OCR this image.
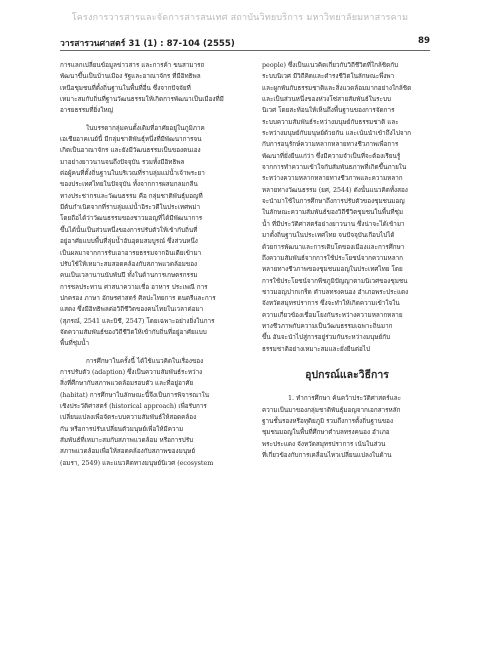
โครงการวารสารและจัดการสารสนเทศ สถาบันวิทยบริการ มหาวิทยาลัยมหาสารคาม
วารสารวนศาสตร์ 31 (1) : 87-104 (2555)	89

การแลกเปลี่ยนข้อมูลข่าวสาร และการค้า ขนสามารถ

พัฒนาขึ้นเป็นบ้านเมือง รัฐและอาณาจักร ที่มีอิทธิพล

เหนือชุมชนที่ตั้งถิ่นฐานในพื้นที่อื่น ซึ่งจากปัจจัยที่

เหมาะสมกับถิ่นที่ฐานวัฒนธรรมให้เกิดการพัฒนาเป็นเมืองที่มี

อารยธรรมที่ยิ่งใหญ่

ในบรรดากลุ่มคนตั้งเดิมที่อาศัยอยู่ในภูมิภาค

เอเชียอาคเนย์นี้ มีกลุ่มชาติพันธุ์หนึ่งที่มีพัฒนาการจน

เกิดเป็นอาณาจักร และยังมีวัฒนธรรมเป็นของตนเอง

มาอย่างยาวนานจนถึงปัจจุบัน รวมทั้งมีอิทธิพล

ต่อผู้คนที่ตั้งถิ่นฐานในบริเวณที่ราบลุ่มแม่น้ำเจ้าพระยา

ของประเทศไทยในปัจจุบัน ทั้งจากการผสมกลมกลืน

ทางประชากรและวัฒนธรรม คือ กลุ่มชาติพันธุ์มอญที่

มีต้นกำเนิดจากที่ราบลุ่มแม่น้ำอิระวดีในประเทศพม่า

โดยถือได้ว่าวัฒนธรรมของชาวมอญที่ได้มีพัฒนาการ

ขึ้นได้นั้นเป็นส่วนหนึ่งของการปรับตัวให้เข้ากับถิ่นที่

อยู่อาศัยแบบพื้นที่ลุ่มน้ำอันอุดมสมบูรณ์ ซึ่งส่วนหนึ่ง

เป็นผลมาจากการรับเอาอารยธรรมจากอินเดียเข้ามา

ปรับใช้ให้เหมาะสมสอดคล้องกับสภาพแวดล้อมของ

คนเป็นเวลานานนับพันปี ทั้งในด้านการเกษตรกรรม

การชลประทาน ศาสนาความเชื่อ อาหาร ประเพณี การ

ปกครอง ภาษา อักษรศาสตร์ ศิลปะไทยการ ดนตรีและการ

แสดง ซึ่งมีอิทธิพลต่อวิถีชีวิตของคนไทยในเวลาต่อมา

(สุภรณ์, 2541 และบิชี, 2547) โดยเฉพาะอย่างยิ่งในการ

จัดความสัมพันธ์ของวิถีชีวิตให้เข้ากับถิ่นที่อยู่อาศัยแบบ

พื้นที่ชุ่มน้ำ

การศึกษาในครั้งนี้ ได้ใช้แนวคิดในเรื่องของ

การปรับตัว (adaption) ซึ่งเป็นความสัมพันธ์ระหว่าง

สิ่งที่ศึกษากับสภาพแวดล้อมรอบตัว และที่อยู่อาศัย

(habitat) การศึกษาในลักษณะนี้จึงเป็นการพิจารณาใน

เชิงประวัติศาสตร์ (historical approach) เพื่อรับการ

เปลี่ยนแปลงเพื่อจัดระบบความสัมพันธ์ให้สอดคล้อง

กัน หรือการปรับเปลี่ยนตัวมนุษย์เพื่อให้มีความ

สัมพันธ์ที่เหมาะสมกับสภาพแวดล้อม หรือการปรับ

สภาพแวดล้อมเพื่อให้สอดคล้องกับสภาพของมนุษย์

(อมรา, 2549) และแนวคิดทางมนุษย์นิเวศ (ecosystem

people) ซึ่งเป็นแนวคิดเกี่ยวกับวิถีชีวิตที่ใกล้ชิดกับ

ระบบนิเวศ มีวิถีคิดและดำรงชีวิตในลักษณะพึ่งพา

และผูกพันกับธรรมชาติและสิ่งแวดล้อมมากอย่างใกล้ชิด

และเป็นส่วนหนึ่งของห่วงโซ่สายสัมพันธ์ในระบบ

นิเวศ โดยสะท้อนให้เห็นถึงพื้นฐานของการจัดการ

ระบบความสัมพันธ์ระหว่างมนุษย์กับธรรมชาติ และ

ระหว่างมนุษย์กับมนุษย์ด้วยกัน และเน้นนำเข้าถึงไปจาก

กับการอนุรักษ์ความหลากหลายทางชีวภาพเพื่อการ

พัฒนาที่ยั่งยืนแก่ว่า ซึ่งมีความจำเป็นที่จะต้องเรียนรู้

จากการทำความเข้าใจกับสัมพันธภาพที่เกิดขึ้นภายใน

ระหว่างความหลากหลายทางชีวภาพและความหลาก

หลายทางวัฒนธรรม (ยศ, 2544) ดังนั้นแนวคิดทั้งสอง

จะนำมาใช้ในการศึกษาถึงการปรับตัวของชุมชนมอญ

ในลักษณะความสัมพันธ์ของวิถีชีวิตชุมชนในพื้นที่ชุ่ม

น้ำ ที่มีประวัติศาสตร์อย่างยาวนาน ซึ่งน่าจะได้เข้ามา

มาตั้งถิ่นฐานในประเทศไทย จนปัจจุบันเกือบไปได้

ด้วยการพัฒนาและการเติบโตของเมืองและการศึกษา

ถึงความสัมพันธ์จากการใช้ประโยชน์จากความหลาก

หลายทางชีวภาพของชุมชนมอญในประเทศไทย โดย

การใช้ประโยชน์จากพืชภูมิปัญญาตามนิเวศของชุมชน

ชาวมอญปากเกร็ด ตำบลทรงคนอง อำเภอพระประแดง

จังหวัดสมุทรปราการ ซึ่งจะทำให้เกิดความเข้าใจใน

ความเกี่ยวข้องเชื่อมโยงกันระหว่างความหลากหลาย

ทางชีวภาพกับความเป็นวัฒนธรรมเฉพาะถิ่นมาก

ขึ้น อันจะนำไปสู่การอยู่ร่วมกันระหว่างมนุษย์กับ

ธรรมชาติอย่างเหมาะสมและยั่งยืนต่อไป

อุปกรณ์และวิธีการ

1. ทำการศึกษา ค้นคว้าประวัติศาสตร์และ

ความเป็นมาของกลุ่มชาติพันธุ์มอญจากเอกสารหลัก

ฐานชั้นรองหรือทุติยภูมิ รวมถึงการตั้งถิ่นฐานของ

ชุมชนมอญในพื้นที่ศึกษาตำบลทรงคนอง อำเภอ

พระประแดง จังหวัดสมุทรปราการ เน้นในส่วน

ที่เกี่ยวข้องกับการเคลื่อนไหวเปลี่ยนแปลงในด้าน
